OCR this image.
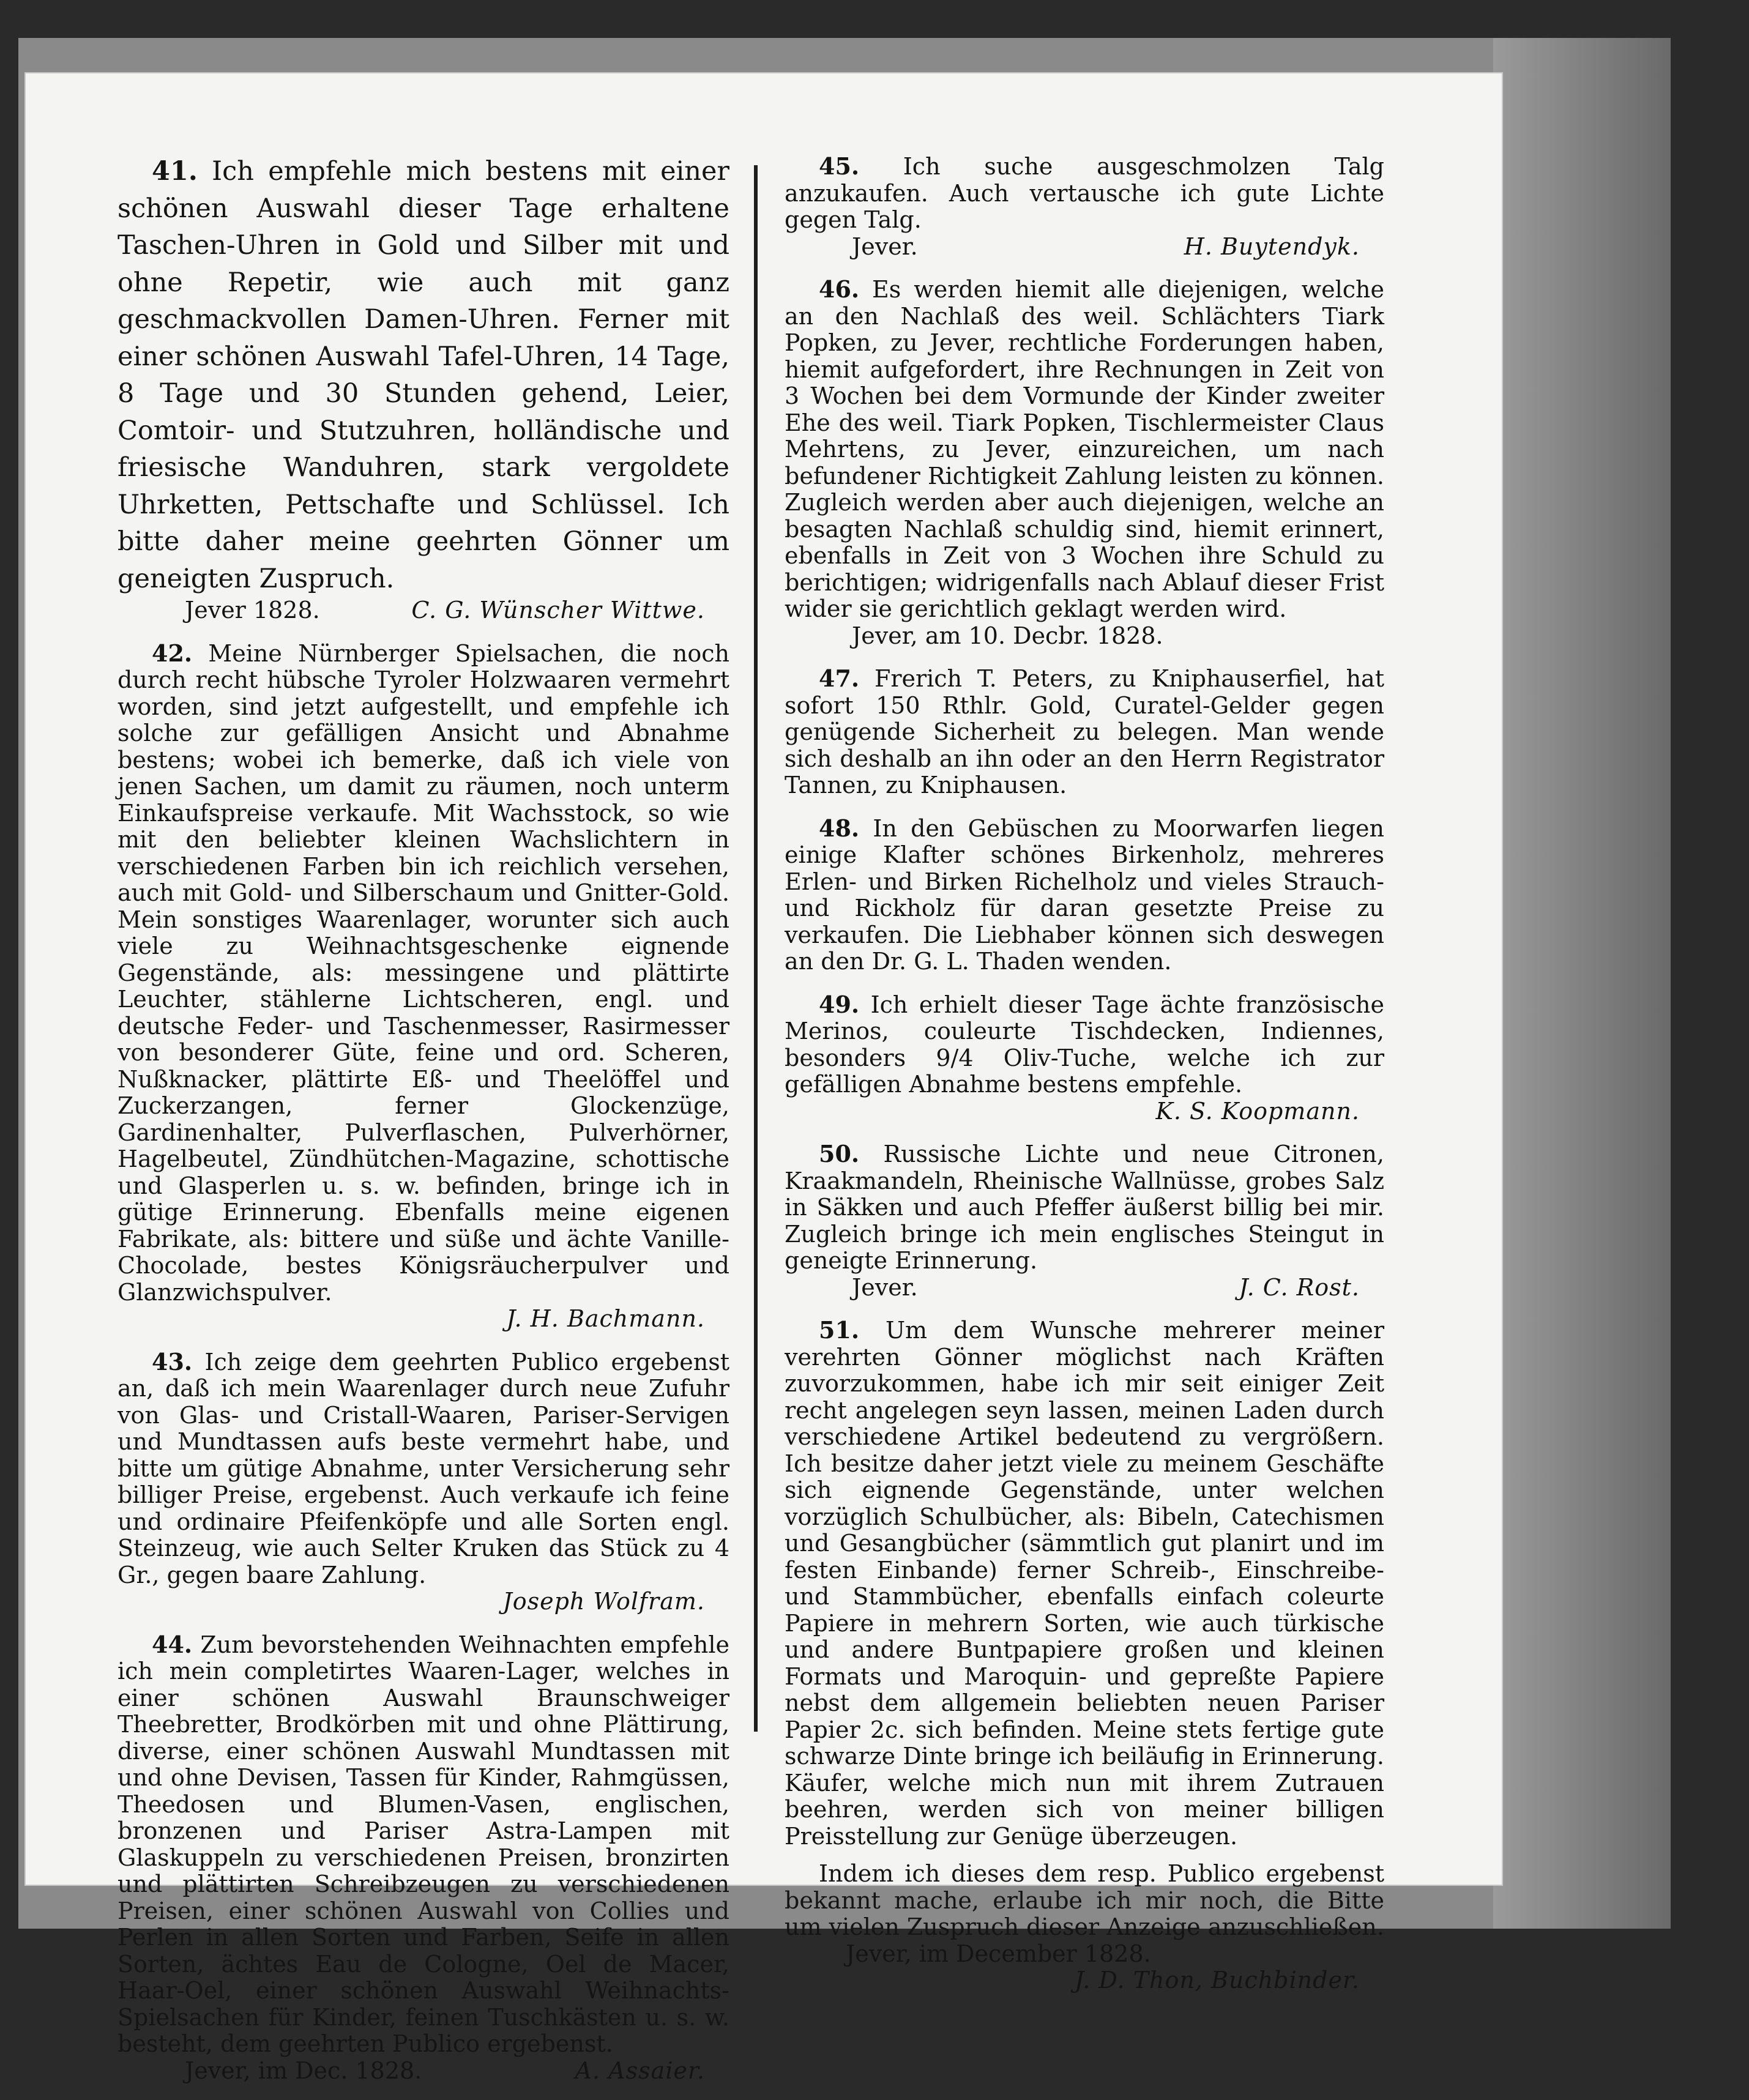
41. Ich empfehle mich bestens mit einer schönen Auswahl dieser Tage erhaltene Taschen-Uhren in Gold und Silber mit und ohne Repetir, wie auch mit ganz geschmackvollen Damen-Uhren. Ferner mit einer schönen Auswahl Tafel-Uhren, 14 Tage, 8 Tage und 30 Stunden gehend, Leier, Comtoir- und Stutzuhren, holländische und friesische Wanduhren, stark vergoldete Uhrketten, Pettschafte und Schlüssel. Ich bitte daher meine geehrten Gönner um geneigten Zuspruch.

Jever 1828.	C. G. Wünscher Wittwe.

42. Meine Nürnberger Spielsachen, die noch durch recht hübsche Tyroler Holzwaaren vermehrt worden, sind jetzt aufgestellt, und empfehle ich solche zur gefälligen Ansicht und Abnahme bestens; wobei ich bemerke, daß ich viele von jenen Sachen, um damit zu räumen, noch unterm Einkaufspreise verkaufe. Mit Wachsstock, so wie mit den beliebter kleinen Wachslichtern in verschiedenen Farben bin ich reichlich versehen, auch mit Gold- und Silberschaum und Gnitter-Gold. Mein sonstiges Waarenlager, worunter sich auch viele zu Weihnachtsgeschenke eignende Gegenstände, als: messingene und plättirte Leuchter, stählerne Lichtscheren, engl. und deutsche Feder- und Taschenmesser, Rasirmesser von besonderer Güte, feine und ord. Scheren, Nußknacker, plättirte Eß- und Theelöffel und Zuckerzangen, ferner Glockenzüge, Gardinenhalter, Pulverflaschen, Pulverhörner, Hagelbeutel, Zündhütchen-Magazine, schottische und Glasperlen u. s. w. befinden, bringe ich in gütige Erinnerung. Ebenfalls meine eigenen Fabrikate, als: bittere und süße und ächte Vanille-Chocolade, bestes Königsräucherpulver und Glanzwichspulver.

J. H. Bachmann.

43. Ich zeige dem geehrten Publico ergebenst an, daß ich mein Waarenlager durch neue Zufuhr von Glas- und Cristall-Waaren, Pariser-Servigen und Mundtassen aufs beste vermehrt habe, und bitte um gütige Abnahme, unter Versicherung sehr billiger Preise, ergebenst. Auch verkaufe ich feine und ordinaire Pfeifenköpfe und alle Sorten engl. Steinzeug, wie auch Selter Kruken das Stück zu 4 Gr., gegen baare Zahlung.

Joseph Wolfram.

44. Zum bevorstehenden Weihnachten empfehle ich mein completirtes Waaren-Lager, welches in einer schönen Auswahl Braunschweiger Theebretter, Brodkörben mit und ohne Plättirung, diverse, einer schönen Auswahl Mundtassen mit und ohne Devisen, Tassen für Kinder, Rahmgüssen, Theedosen und Blumen-Vasen, englischen, bronzenen und Pariser Astra-Lampen mit Glaskuppeln zu verschiedenen Preisen, bronzirten und plättirten Schreibzeugen zu verschiedenen Preisen, einer schönen Auswahl von Collies und Perlen in allen Sorten und Farben, Seife in allen Sorten, ächtes Eau de Cologne, Oel de Macer, Haar-Oel, einer schönen Auswahl Weihnachts-Spielsachen für Kinder, feinen Tuschkästen u. s. w. besteht, dem geehrten Publico ergebenst.

Jever, im Dec. 1828.	A. Assaier.

45. Ich suche ausgeschmolzen Talg anzukaufen. Auch vertausche ich gute Lichte gegen Talg.

Jever.	H. Buytendyk.

46. Es werden hiemit alle diejenigen, welche an den Nachlaß des weil. Schlächters Tiark Popken, zu Jever, rechtliche Forderungen haben, hiemit aufgefordert, ihre Rechnungen in Zeit von 3 Wochen bei dem Vormunde der Kinder zweiter Ehe des weil. Tiark Popken, Tischlermeister Claus Mehrtens, zu Jever, einzureichen, um nach befundener Richtigkeit Zahlung leisten zu können. Zugleich werden aber auch diejenigen, welche an besagten Nachlaß schuldig sind, hiemit erinnert, ebenfalls in Zeit von 3 Wochen ihre Schuld zu berichtigen; widrigenfalls nach Ablauf dieser Frist wider sie gerichtlich geklagt werden wird.

Jever, am 10. Decbr. 1828.

47. Frerich T. Peters, zu Kniphauserfiel, hat sofort 150 Rthlr. Gold, Curatel-Gelder gegen genügende Sicherheit zu belegen. Man wende sich deshalb an ihn oder an den Herrn Registrator Tannen, zu Kniphausen.

48. In den Gebüschen zu Moorwarfen liegen einige Klafter schönes Birkenholz, mehreres Erlen- und Birken Richelholz und vieles Strauch- und Rickholz für daran gesetzte Preise zu verkaufen. Die Liebhaber können sich deswegen an den Dr. G. L. Thaden wenden.

49. Ich erhielt dieser Tage ächte französische Merinos, couleurte Tischdecken, Indiennes, besonders 9/4 Oliv-Tuche, welche ich zur gefälligen Abnahme bestens empfehle.

K. S. Koopmann.

50. Russische Lichte und neue Citronen, Kraakmandeln, Rheinische Wallnüsse, grobes Salz in Säkken und auch Pfeffer äußerst billig bei mir. Zugleich bringe ich mein englisches Steingut in geneigte Erinnerung.

Jever.	J. C. Rost.

51. Um dem Wunsche mehrerer meiner verehrten Gönner möglichst nach Kräften zuvorzukommen, habe ich mir seit einiger Zeit recht angelegen seyn lassen, meinen Laden durch verschiedene Artikel bedeutend zu vergrößern. Ich besitze daher jetzt viele zu meinem Geschäfte sich eignende Gegenstände, unter welchen vorzüglich Schulbücher, als: Bibeln, Catechismen und Gesangbücher (sämmtlich gut planirt und im festen Einbande) ferner Schreib-, Einschreibe- und Stammbücher, ebenfalls einfach coleurte Papiere in mehrern Sorten, wie auch türkische und andere Buntpapiere großen und kleinen Formats und Maroquin- und gepreßte Papiere nebst dem allgemein beliebten neuen Pariser Papier 2c. sich befinden. Meine stets fertige gute schwarze Dinte bringe ich beiläufig in Erinnerung. Käufer, welche mich nun mit ihrem Zutrauen beehren, werden sich von meiner billigen Preisstellung zur Genüge überzeugen.

Indem ich dieses dem resp. Publico ergebenst bekannt mache, erlaube ich mir noch, die Bitte um vielen Zuspruch dieser Anzeige anzuschließen.

Jever, im December 1828.
J. D. Thon, Buchbinder.
